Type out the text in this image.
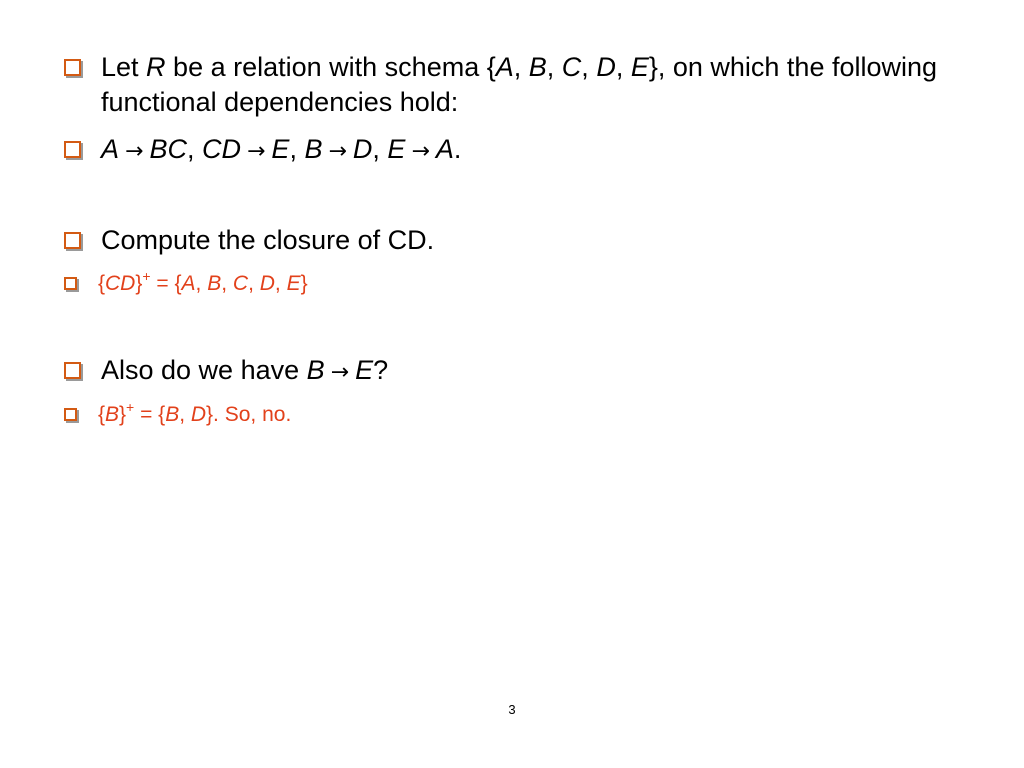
Let R be a relation with schema {A, B, C, D, E}, on which the following functional dependencies hold:
A → BC, CD → E, B → D, E → A.
Compute the closure of CD.
{CD}+ = {A, B, C, D, E}
Also do we have B → E?
{B}+ = {B, D}. So, no.
3
